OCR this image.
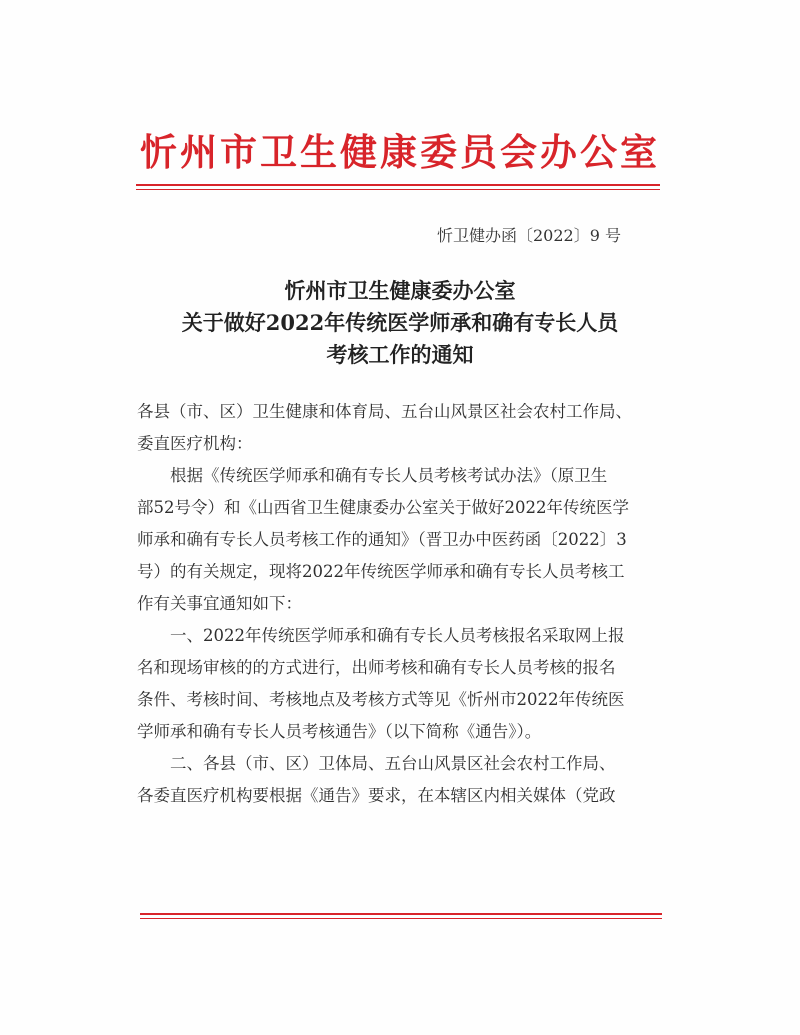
忻州市卫生健康委员会办公室
忻卫健办函〔2022〕9 号
忻州市卫生健康委办公室
关于做好2022年传统医学师承和确有专长人员
考核工作的通知
各县（市、区）卫生健康和体育局、五台山风景区社会农村工作局、
委直医疗机构：
根据《传统医学师承和确有专长人员考核考试办法》（原卫生
部52号令）和《山西省卫生健康委办公室关于做好2022年传统医学
师承和确有专长人员考核工作的通知》（晋卫办中医药函〔2022〕3
号）的有关规定，现将2022年传统医学师承和确有专长人员考核工
作有关事宜通知如下：
一、2022年传统医学师承和确有专长人员考核报名采取网上报
名和现场审核的的方式进行，出师考核和确有专长人员考核的报名
条件、考核时间、考核地点及考核方式等见《忻州市2022年传统医
学师承和确有专长人员考核通告》（以下简称《通告》）。
二、各县（市、区）卫体局、五台山风景区社会农村工作局、
各委直医疗机构要根据《通告》要求，在本辖区内相关媒体（党政
